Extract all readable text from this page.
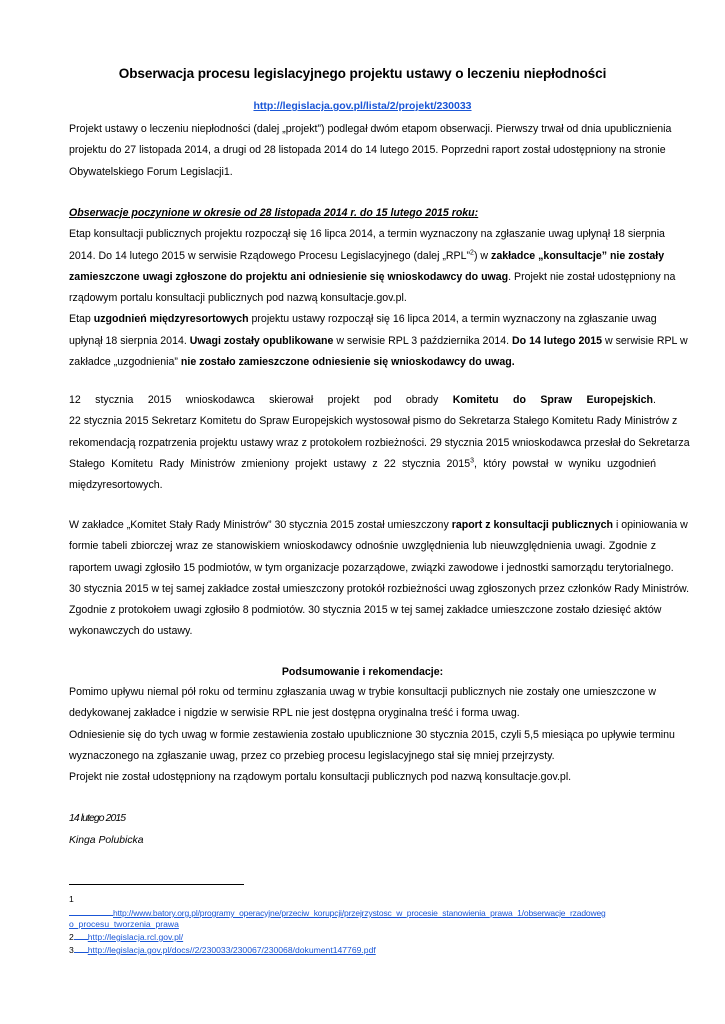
Obserwacja procesu legislacyjnego projektu ustawy o leczeniu niepłodności
http://legislacja.gov.pl/lista/2/projekt/230033
Projekt ustawy o leczeniu niepłodności (dalej „projekt”) podlegał dwóm etapom obserwacji. Pierwszy trwał od dnia upublicznienia
projektu do 27 listopada 2014, a drugi od 28 listopada 2014 do 14 lutego 2015. Poprzedni raport został udostępniony na stronie
Obywatelskiego Forum Legislacji1.
Obserwacje poczynione w okresie od 28 listopada 2014 r. do 15 lutego 2015 roku:
Etap konsultacji publicznych projektu rozpoczął się 16 lipca 2014, a termin wyznaczony na zgłaszanie uwag upłynął 18 sierpnia
2014. Do 14 lutego 2015 w serwisie Rządowego Procesu Legislacyjnego (dalej „RPL”$^2$) w zakładce „konsultacje” nie zostały
zamieszczone uwagi zgłoszone do projektu ani odniesienie się wnioskodawcy do uwag. Projekt nie został udostępniony na
rządowym portalu konsultacji publicznych pod nazwą konsultacje.gov.pl.
Etap uzgodnień międzyresortowych projektu ustawy rozpoczął się 16 lipca 2014, a termin wyznaczony na zgłaszanie uwag
upłynął 18 sierpnia 2014. Uwagi zostały opublikowane w serwisie RPL 3 października 2014. Do 14 lutego 2015 w serwisie RPL w
zakładce „uzgodnienia” nie zostało zamieszczone odniesienie się wnioskodawcy do uwag.
12 stycznia 2015 wnioskodawca skierował projekt pod obrady Komitetu do Spraw Europejskich.
22 stycznia 2015 Sekretarz Komitetu do Spraw Europejskich wystosował pismo do Sekretarza Stałego Komitetu Rady Ministrów z
rekomendacją rozpatrzenia projektu ustawy wraz z protokołem rozbieżności. 29 stycznia 2015 wnioskodawca przesłał do Sekretarza
Stałego Komitetu Rady Ministrów zmieniony projekt ustawy z 22 stycznia 2015$^3$, który powstał w wyniku uzgodnień
międzyresortowych.
W zakładce „Komitet Stały Rady Ministrów” 30 stycznia 2015 został umieszczony raport z konsultacji publicznych i opiniowania w
formie tabeli zbiorczej wraz ze stanowiskiem wnioskodawcy odnośnie uwzględnienia lub nieuwzględnienia uwagi. Zgodnie z
raportem uwagi zgłosiło 15 podmiotów, w tym organizacje pozarządowe, związki zawodowe i jednostki samorządu terytorialnego.
30 stycznia 2015 w tej samej zakładce został umieszczony protokół rozbieżności uwag zgłoszonych przez członków Rady Ministrów.
Zgodnie z protokołem uwagi zgłosiło 8 podmiotów. 30 stycznia 2015 w tej samej zakładce umieszczone zostało dziesięć aktów
wykonawczych do ustawy.
Podsumowanie i rekomendacje:
Pomimo upływu niemal pół roku od terminu zgłaszania uwag w trybie konsultacji publicznych nie zostały one umieszczone w
dedykowanej zakładce i nigdzie w serwisie RPL nie jest dostępna oryginalna treść i forma uwag.
Odniesienie się do tych uwag w formie zestawienia zostało upublicznione 30 stycznia 2015, czyli 5,5 miesiąca po upływie terminu
wyznaczonego na zgłaszanie uwag, przez co przebieg procesu legislacyjnego stał się mniej przejrzysty.
Projekt nie został udostępniony na rządowym portalu konsultacji publicznych pod nazwą konsultacje.gov.pl.
14 lutego 2015
Kinga Polubicka
1
http://www.batory.org.pl/programy_operacyjne/przeciw_korupcji/przejrzystosc_w_procesie_stanowienia_prawa_1/obserwacje_rzadoweg
o_procesu_tworzenia_prawa
2 http://legislacja.rcl.gov.pl/
3 http://legislacja.gov.pl/docs//2/230033/230067/230068/dokument147769.pdf
